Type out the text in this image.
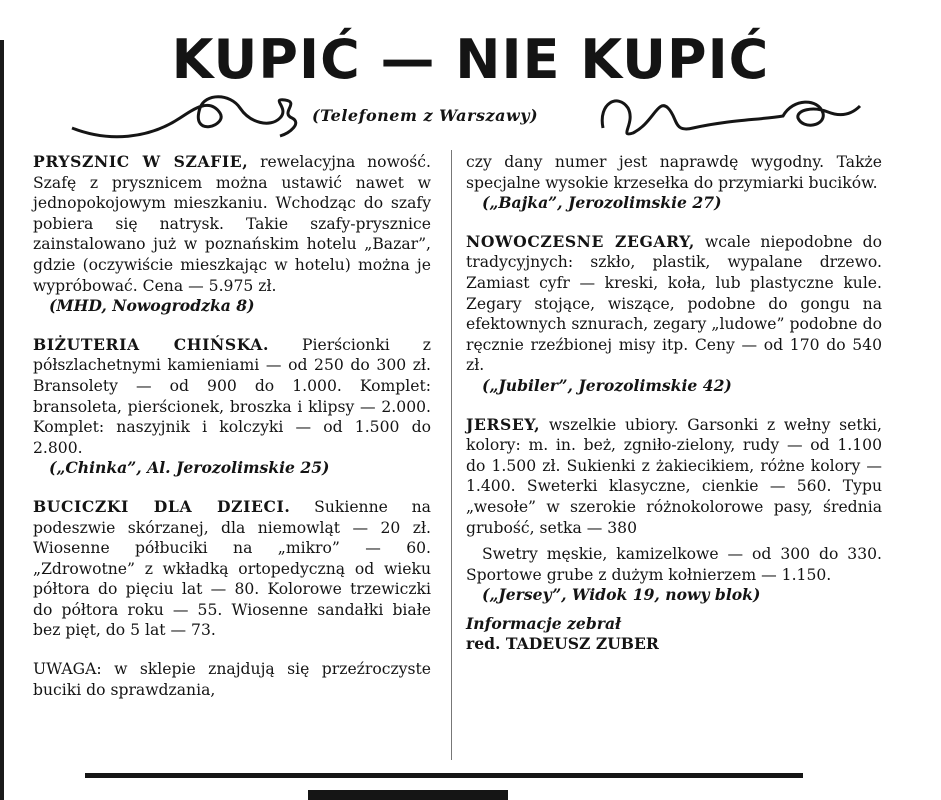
KUPIĆ — NIE KUPIĆ
(Telefonem z Warszawy)

PRYSZNIC W SZAFIE, rewelacyjna nowość. Szafę z prysznicem można ustawić nawet w jednopokojowym mieszkaniu. Wchodząc do szafy pobiera się natrysk. Takie szafy-prysznice zainstalowano już w poznańskim hotelu „Bazar”, gdzie (oczywiście mieszkając w hotelu) można je wypróbować. Cena — 5.975 zł.

(MHD, Nowogrodzka 8)

BIŻUTERIA CHIŃSKA. Pierścionki z półszlachetnymi kamieniami — od 250 do 300 zł. Bransolety — od 900 do 1.000. Komplet: bransoleta, pierścionek, broszka i klipsy — 2.000. Komplet: naszyjnik i kolczyki — od 1.500 do 2.800.

(„Chinka”, Al. Jerozolimskie 25)

BUCICZKI DLA DZIECI. Sukienne na podeszwie skórzanej, dla niemowląt — 20 zł. Wiosenne półbuciki na „mikro” — 60. „Zdrowotne” z wkładką ortopedyczną od wieku półtora do pięciu lat — 80. Kolorowe trzewiczki do półtora roku — 55. Wiosenne sandałki białe bez pięt, do 5 lat — 73.

UWAGA: w sklepie znajdują się przeźroczyste buciki do sprawdzania,

czy dany numer jest naprawdę wygodny. Także specjalne wysokie krzesełka do przymiarki bucików.

(„Bajka”, Jerozolimskie 27)

NOWOCZESNE ZEGARY, wcale niepodobne do tradycyjnych: szkło, plastik, wypalane drzewo. Zamiast cyfr — kreski, koła, lub plastyczne kule. Zegary stojące, wiszące, podobne do gongu na efektownych sznurach, zegary „ludowe” podobne do ręcznie rzeźbionej misy itp. Ceny — od 170 do 540 zł.

(„Jubiler”, Jerozolimskie 42)

JERSEY, wszelkie ubiory. Garsonki z wełny setki, kolory: m. in. beż, zgniło-zielony, rudy — od 1.100 do 1.500 zł. Sukienki z żakiecikiem, różne kolory — 1.400. Sweterki klasyczne, cienkie — 560. Typu „wesołe” w szerokie różnokolorowe pasy, średnia grubość, setka — 380

Swetry męskie, kamizelkowe — od 300 do 330. Sportowe grube z dużym kołnierzem — 1.150.

(„Jersey”, Widok 19, nowy blok)

Informacje zebrał

red. TADEUSZ ZUBER
